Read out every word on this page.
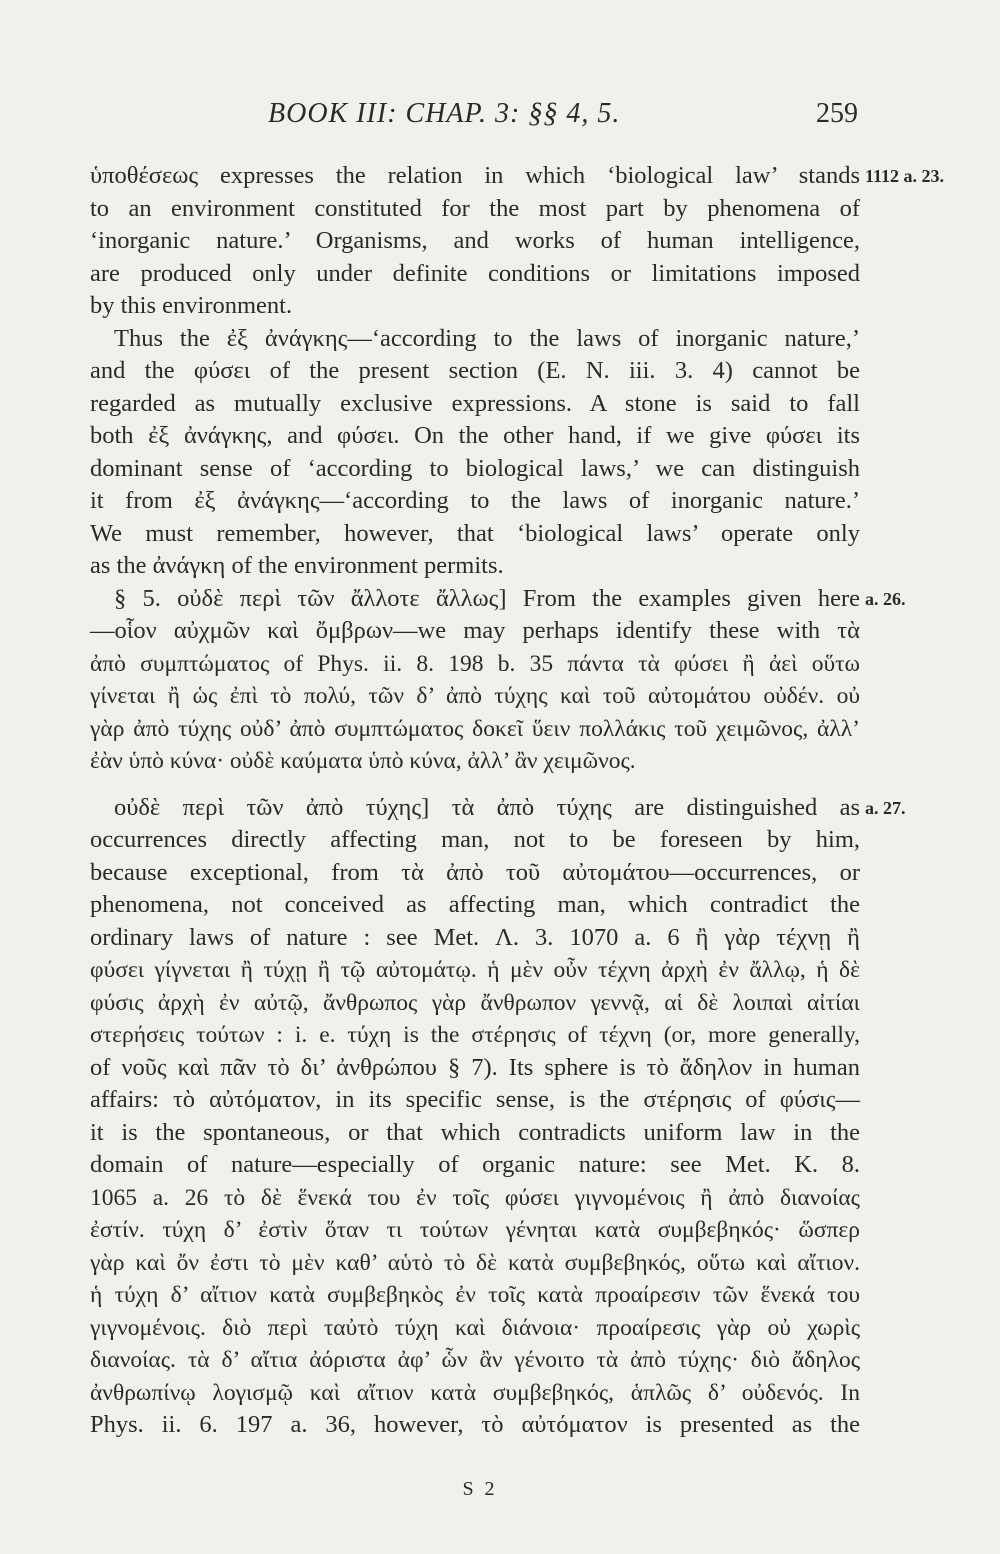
BOOK III: CHAP. 3: §§ 4, 5.	259
ὑποθέσεως expresses the relation in which ‘biological law’ stands 1112 a. 23.
to an environment constituted for the most part by phenomena of
‘inorganic nature.’ Organisms, and works of human intelligence,
are produced only under definite conditions or limitations imposed
by this environment.
Thus the ἐξ ἀνάγκης—‘according to the laws of inorganic nature,’
and the φύσει of the present section (E. N. iii. 3. 4) cannot be
regarded as mutually exclusive expressions. A stone is said to fall
both ἐξ ἀνάγκης, and φύσει. On the other hand, if we give φύσει its
dominant sense of ‘according to biological laws,’ we can distinguish
it from ἐξ ἀνάγκης—‘according to the laws of inorganic nature.’
We must remember, however, that ‘biological laws’ operate only
as the ἀνάγκη of the environment permits.
§ 5. οὐδὲ περὶ τῶν ἄλλοτε ἄλλως] From the examples given here a. 26.
—οἷον αὐχμῶν καὶ ὄμβρων—we may perhaps identify these with τὰ
ἀπὸ συμπτώματος of Phys. ii. 8. 198 b. 35 πάντα τὰ φύσει ἢ ἀεὶ οὕτω
γίνεται ἢ ὡς ἐπὶ τὸ πολύ, τῶν δ’ ἀπὸ τύχης καὶ τοῦ αὐτομάτου οὐδέν. οὐ
γὰρ ἀπὸ τύχης οὐδ’ ἀπὸ συμπτώματος δοκεῖ ὕειν πολλάκις τοῦ χειμῶνος, ἀλλ’
ἐὰν ὑπὸ κύνα· οὐδὲ καύματα ὑπὸ κύνα, ἀλλ’ ἂν χειμῶνος.
οὐδὲ περὶ τῶν ἀπὸ τύχης] τὰ ἀπὸ τύχης are distinguished as a. 27.
occurrences directly affecting man, not to be foreseen by him,
because exceptional, from τὰ ἀπὸ τοῦ αὐτομάτου—occurrences, or
phenomena, not conceived as affecting man, which contradict the
ordinary laws of nature : see Met. Λ. 3. 1070 a. 6 ἢ γὰρ τέχνῃ ἢ
φύσει γίγνεται ἢ τύχῃ ἢ τῷ αὐτομάτῳ. ἡ μὲν οὖν τέχνη ἀρχὴ ἐν ἄλλῳ, ἡ δὲ
φύσις ἀρχὴ ἐν αὐτῷ, ἄνθρωπος γὰρ ἄνθρωπον γεννᾷ, αἱ δὲ λοιπαὶ αἰτίαι
στερήσεις τούτων : i. e. τύχη is the στέρησις of τέχνη (or, more generally,
of νοῦς καὶ πᾶν τὸ δι’ ἀνθρώπου § 7). Its sphere is τὸ ἄδηλον in human
affairs: τὸ αὐτόματον, in its specific sense, is the στέρησις of φύσις—
it is the spontaneous, or that which contradicts uniform law in the
domain of nature—especially of organic nature: see Met. K. 8.
1065 a. 26 τὸ δὲ ἕνεκά του ἐν τοῖς φύσει γιγνομένοις ἢ ἀπὸ διανοίας
ἐστίν. τύχη δ’ ἐστὶν ὅταν τι τούτων γένηται κατὰ συμβεβηκός· ὥσπερ
γὰρ καὶ ὄν ἐστι τὸ μὲν καθ’ αὑτὸ τὸ δὲ κατὰ συμβεβηκός, οὕτω καὶ αἴτιον.
ἡ τύχη δ’ αἴτιον κατὰ συμβεβηκὸς ἐν τοῖς κατὰ προαίρεσιν τῶν ἕνεκά του
γιγνομένοις. διὸ περὶ ταὐτὸ τύχη καὶ διάνοια· προαίρεσις γὰρ οὐ χωρὶς
διανοίας. τὰ δ’ αἴτια ἀόριστα ἀφ’ ὧν ἂν γένοιτο τὰ ἀπὸ τύχης· διὸ ἄδηλος
ἀνθρωπίνῳ λογισμῷ καὶ αἴτιον κατὰ συμβεβηκός, ἁπλῶς δ’ οὐδενός. In
Phys. ii. 6. 197 a. 36, however, τὸ αὐτόματον is presented as the
S 2
